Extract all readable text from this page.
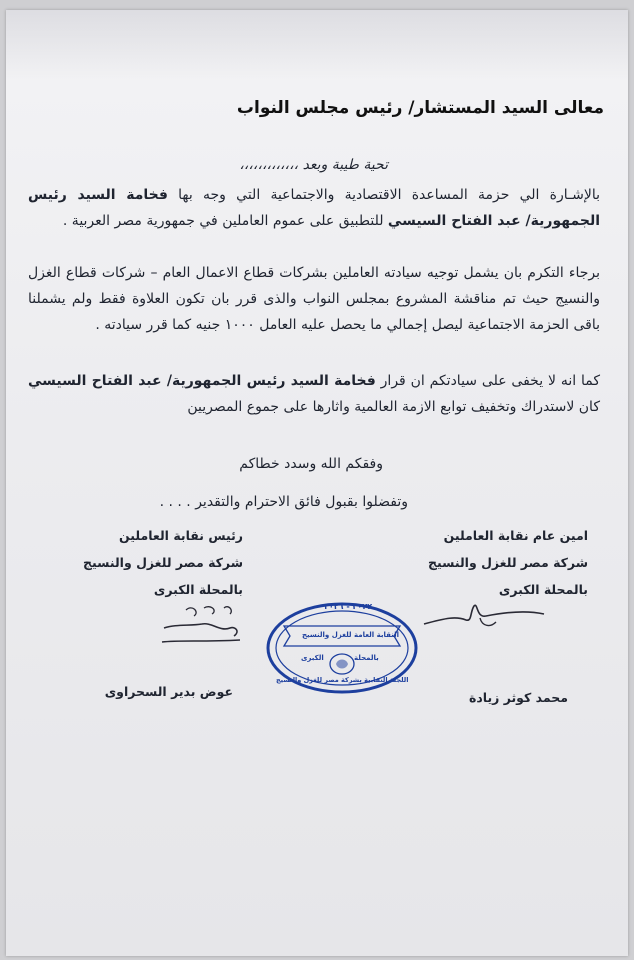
معالى السيد المستشار/ رئيس مجلس النواب
تحية طيبة وبعد ،،،،،،،،،،،،،
بالإشـارة الي حزمة المساعدة الاقتصادية والاجتماعية التي وجه بها فخامة السيد رئيس الجمهورية/ عبد الفتاح السيسي للتطبيق على عموم العاملين في جمهورية مصر العربية .
برجاء التكرم بان يشمل توجيه سيادته العاملين بشركات قطاع الاعمال العام – شركات قطاع الغزل والنسيج حيث تم مناقشة المشروع بمجلس النواب والذى قرر بان تكون العلاوة فقط ولم يشملنا باقى الحزمة الاجتماعية ليصل إجمالي ما يحصل عليه العامل ١٠٠٠ جنيه كما قرر سيادته .
كما انه لا يخفى على سيادتكم ان قرار فخامة السيد رئيس الجمهورية/ عبد الفتاح السيسي كان لاستدراك وتخفيف توابع الازمة العالمية واثارها على جموع المصريين
وفقكم الله وسدد خطاكم
وتفضلوا بقبول فائق الاحترام والتقدير . . . .
امين عام نقابة العاملين
شركة مصر للغزل والنسيج
بالمحلة الكبرى
رئيس نقابة العاملين
شركة مصر للغزل والنسيج
بالمحلة الكبرى
٢٠٢٢ - ٢٠٢٦
النقابة العامة للغزل والنسيج
بالمحلة
الكبرى
اللجنة النقابية بشركة مصر للغزل والنسيج
محمد كوثر زيادة
عوض بدير السحراوى
